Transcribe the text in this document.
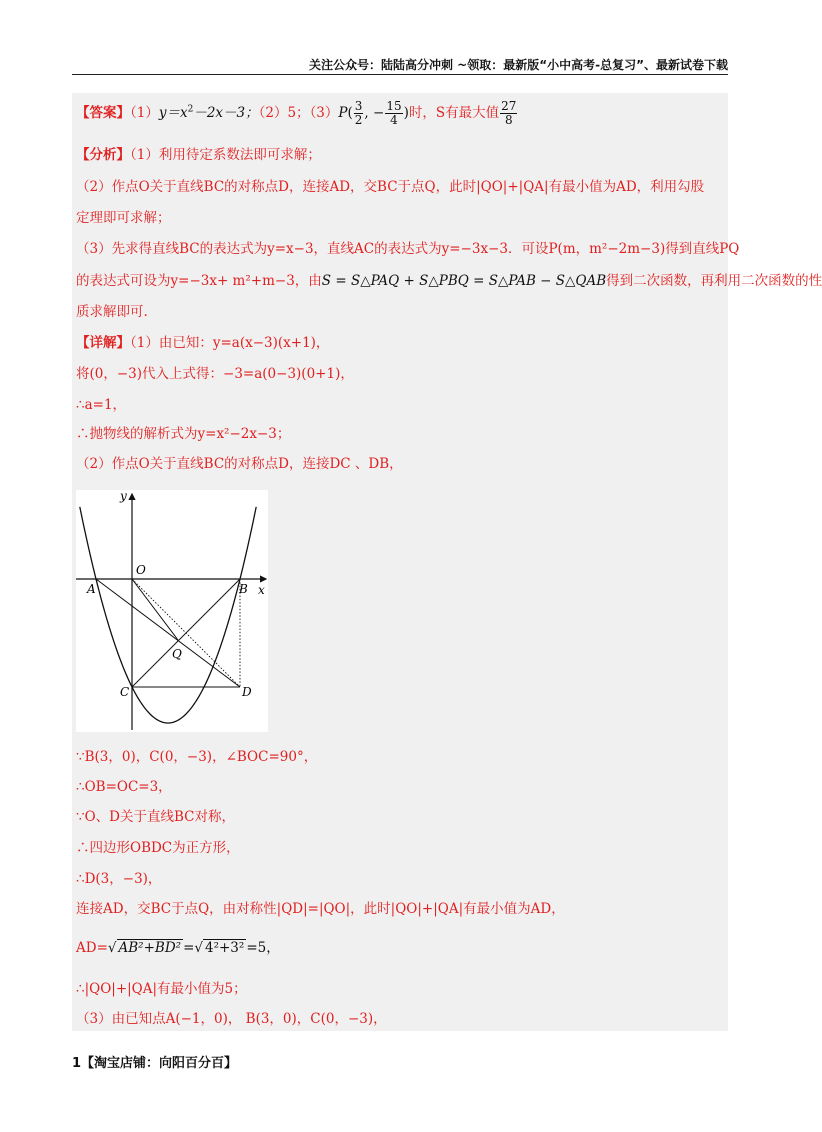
关注公众号：陆陆高分冲刺 ~领取：最新版“小中高考-总复习”、最新试卷下载
【答案】$(1)y=x^2-2x-3$；（2）5；$(3)P( \frac{3}{2}$ , − $\frac{15}{4}$ )时，S有最大值 $\frac{27}{8}$
【分析】（1）利用待定系数法即可求解；
（2）作点O关于直线BC的对称点D，连接AD，交BC于点Q，此时|QO|+|QA|有最小值为AD，利用勾股
定理即可求解；
（3）先求得直线BC的表达式为y=x−3，直线AC的表达式为y=−3x−3．可设P(m，m²−2m−3)得到直线PQ
的表达式可设为y=−3x+ m²+m−3，由S = S△PAQ + S△PBQ = S△PAB − S△QAB得到二次函数，再利用二次函数的性
质求解即可.
【详解】（1）由已知：y=a(x−3)(x+1)，
将(0，−3)代入上式得：−3=a(0−3)(0+1)，
∴a=1，
∴抛物线的解析式为y=x²−2x−3；
（2）作点O关于直线BC的对称点D，连接DC 、DB，
∵B(3，0)，C(0，−3)，∠BOC=90°，
∴OB=OC=3，
∵O、D关于直线BC对称，
∴四边形OBDC为正方形，
∴D(3，−3)，
连接AD，交BC于点Q，由对称性|QD|=|QO|，此时|QO|+|QA|有最小值为AD，
AD=√ AB²+BD² =√ 4²+3² =5，
∴|QO|+|QA|有最小值为5；
（3）由已知点A(−1，0)， B(3，0)，C(0，−3)，
y
x
O
A	B
Q
C	D
1【淘宝店铺：向阳百分百】
